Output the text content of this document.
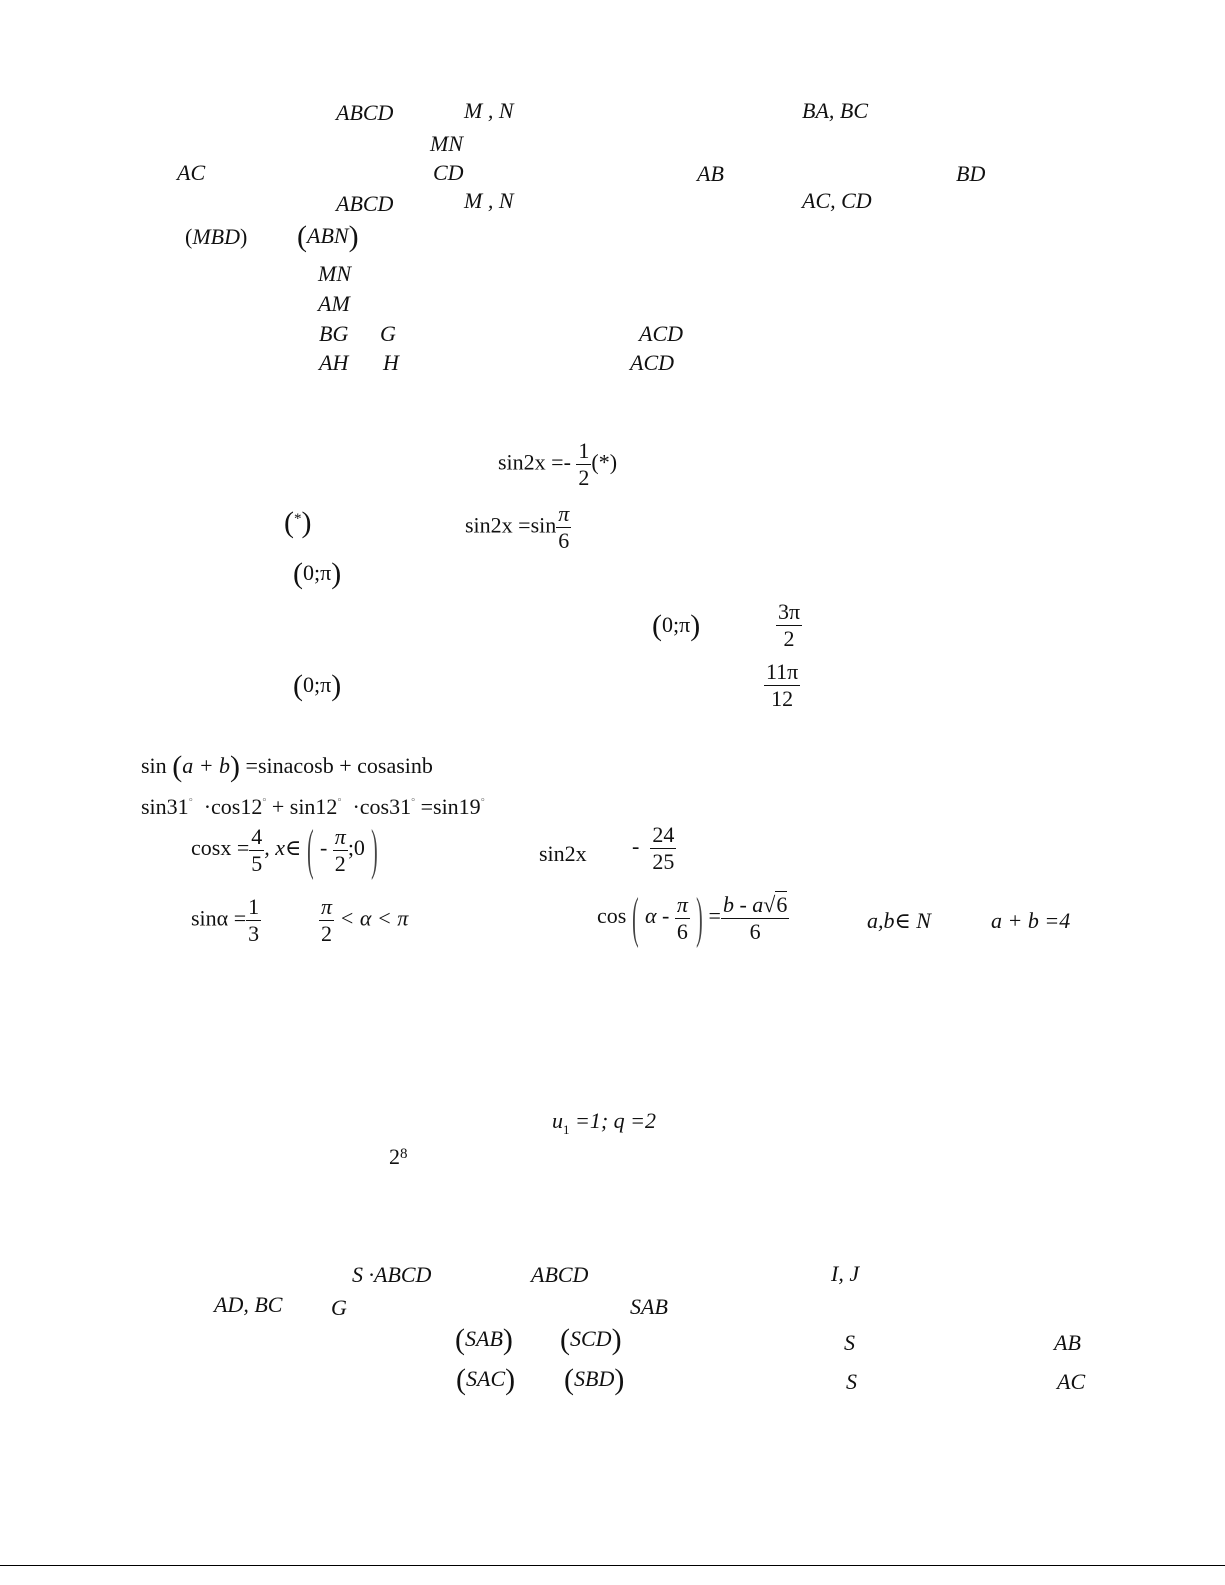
ABCD	M , N	BA, BC
MN
AC	CD	AB	BD
ABCD	M , N	AC, CD
(MBD) (ABN)
MN
AM
BG G	ACD
AH H	ACD
$\sin 2x =- \frac{1}{2}$ (*)
(*)	$\sin 2x =\sin \frac{\pi}{6}$
(0;π)
(0;π)	$\frac{3\pi}{2}$
(0;π)	$\frac{11\pi}{12}$
sin (a + b) =sinacosb + cosasinb
sin31° ·cos12° + sin12° ·cos31° =sin19°
$\cos x = \frac{4}{5}$ , x∈ ( - $\frac{\pi}{2}$ ;0 )	$\sin 2x - \frac{24}{25}$
$\sin\alpha = \frac{1}{3}$	$\frac{\pi}{2} < \alpha < \pi$	cos ( α - $\frac{\pi}{6}$ ) = $\frac{b - a√6}{6}$	a,b∈ N	a + b =4
$u_1 =1$; q =2
$2^8$
S ·ABCD	ABCD	I, J
AD, BC G	SAB
(SAB) (SCD)	S	AB
(SAC) (SBD)	S	AC
